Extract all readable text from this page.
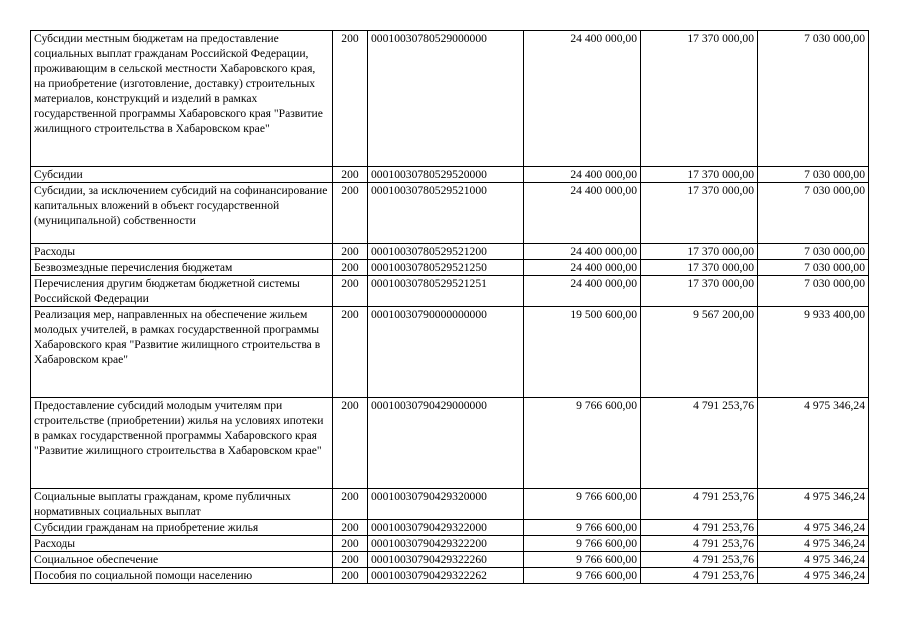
Субсидии местным бюджетам на предоставление социальных выплат гражданам Российской Федерации, проживающим в сельской местности Хабаровского края, на приобретение (изготовление, доставку) строительных материалов, конструкций и изделий в рамках государственной программы Хабаровского края "Развитие жилищного строительства в Хабаровском крае"	200	00010030780529000000	24 400 000,00	17 370 000,00	7 030 000,00
Субсидии	200	00010030780529520000	24 400 000,00	17 370 000,00	7 030 000,00
Субсидии, за исключением субсидий на софинансирование капитальных вложений в объект государственной (муниципальной) собственности	200	00010030780529521000	24 400 000,00	17 370 000,00	7 030 000,00
Расходы	200	00010030780529521200	24 400 000,00	17 370 000,00	7 030 000,00
Безвозмездные перечисления бюджетам	200	00010030780529521250	24 400 000,00	17 370 000,00	7 030 000,00
Перечисления другим бюджетам бюджетной системы Российской Федерации	200	00010030780529521251	24 400 000,00	17 370 000,00	7 030 000,00
Реализация мер, направленных на обеспечение жильем молодых учителей, в рамках государственной программы Хабаровского края "Развитие жилищного строительства в Хабаровском крае"	200	00010030790000000000	19 500 600,00	9 567 200,00	9 933 400,00
Предоставление субсидий молодым учителям при строительстве (приобретении) жилья на условиях ипотеки в рамках государственной программы Хабаровского края "Развитие жилищного строительства в Хабаровском крае"	200	00010030790429000000	9 766 600,00	4 791 253,76	4 975 346,24
Социальные выплаты гражданам, кроме публичных нормативных социальных выплат	200	00010030790429320000	9 766 600,00	4 791 253,76	4 975 346,24
Субсидии гражданам на приобретение жилья	200	00010030790429322000	9 766 600,00	4 791 253,76	4 975 346,24
Расходы	200	00010030790429322200	9 766 600,00	4 791 253,76	4 975 346,24
Социальное обеспечение	200	00010030790429322260	9 766 600,00	4 791 253,76	4 975 346,24
Пособия по социальной помощи населению	200	00010030790429322262	9 766 600,00	4 791 253,76	4 975 346,24
